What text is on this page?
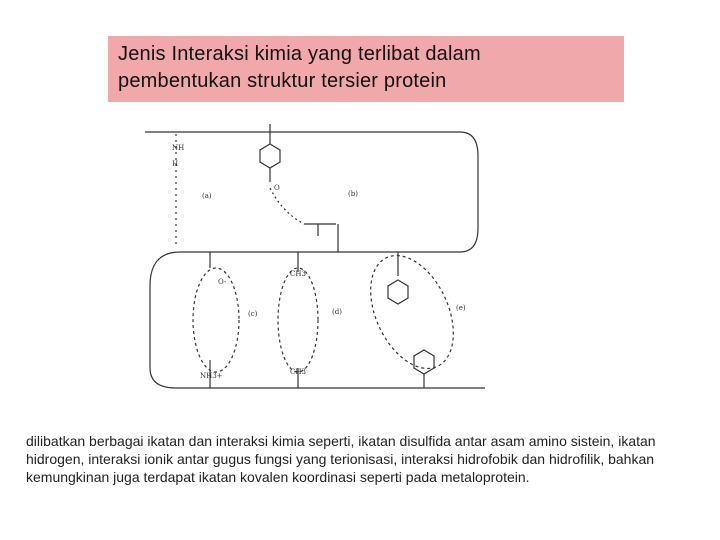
Jenis Interaksi kimia yang terlibat dalam
pembentukan struktur tersier protein
(a)	(b)
(c)	(d)	(e)
NH
H
O
CH3
CH3
NH3+
O-
dilibatkan berbagai ikatan dan interaksi kimia seperti, ikatan disulfida antar asam amino sistein, ikatan hidrogen, interaksi ionik antar gugus fungsi yang terionisasi, interaksi hidrofobik dan hidrofilik, bahkan kemungkinan juga terdapat ikatan kovalen koordinasi seperti pada metaloprotein.
